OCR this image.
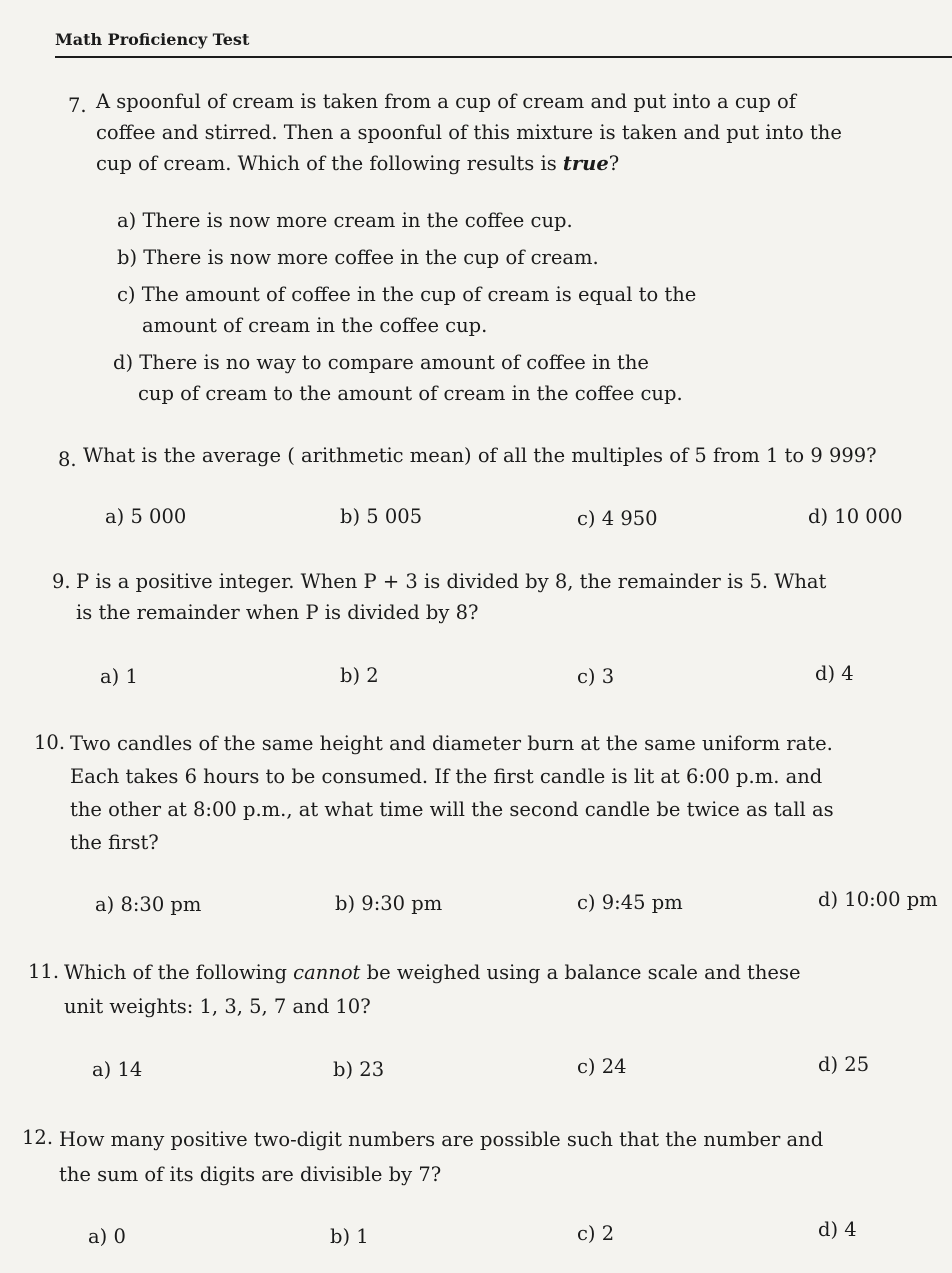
Math Proficiency Test
7. A spoonful of cream is taken from a cup of cream and put into a cup of
coffee and stirred. Then a spoonful of this mixture is taken and put into the
cup of cream. Which of the following results is true?
a) There is now more cream in the coffee cup.
b) There is now more coffee in the cup of cream.
c) The amount of coffee in the cup of cream is equal to the
amount of cream in the coffee cup.
d) There is no way to compare amount of coffee in the
cup of cream to the amount of cream in the coffee cup.
8. What is the average ( arithmetic mean) of all the multiples of 5 from 1 to 9 999?
a) 5 000	b) 5 005	c) 4 950	d) 10 000
9. P is a positive integer. When P + 3 is divided by 8, the remainder is 5. What
is the remainder when P is divided by 8?
a) 1	b) 2	c) 3	d) 4
10. Two candles of the same height and diameter burn at the same uniform rate.
Each takes 6 hours to be consumed. If the first candle is lit at 6:00 p.m. and
the other at 8:00 p.m., at what time will the second candle be twice as tall as
the first?
a) 8:30 pm	b) 9:30 pm	c) 9:45 pm	d) 10:00 pm
11. Which of the following cannot be weighed using a balance scale and these
unit weights: 1, 3, 5, 7 and 10?
a) 14	b) 23	c) 24	d) 25
12. How many positive two-digit numbers are possible such that the number and
the sum of its digits are divisible by 7?
a) 0	b) 1	c) 2	d) 4
